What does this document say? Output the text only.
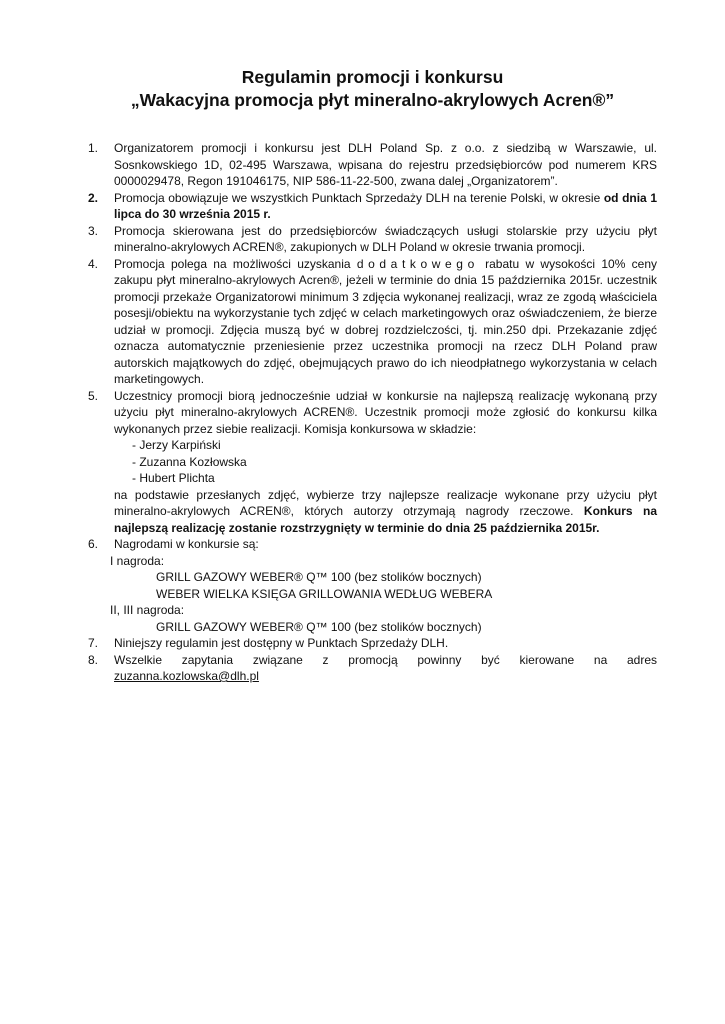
Regulamin promocji i konkursu
„Wakacyjna promocja płyt mineralno-akrylowych Acren®”
1. Organizatorem promocji i konkursu jest DLH Poland Sp. z o.o. z siedzibą w Warszawie, ul. Sosnkowskiego 1D, 02-495 Warszawa, wpisana do rejestru przedsiębiorców pod numerem KRS 0000029478, Regon 191046175, NIP 586-11-22-500, zwana dalej „Organizatorem”.
2. Promocja obowiązuje we wszystkich Punktach Sprzedaży DLH na terenie Polski, w okresie od dnia 1 lipca do 30 września 2015 r.
3. Promocja skierowana jest do przedsiębiorców świadczących usługi stolarskie przy użyciu płyt mineralno-akrylowych ACREN®, zakupionych w DLH Poland w okresie trwania promocji.
4. Promocja polega na możliwości uzyskania dodatkowego rabatu w wysokości 10% ceny zakupu płyt mineralno-akrylowych Acren®, jeżeli w terminie do dnia 15 października 2015r. uczestnik promocji przekaże Organizatorowi minimum 3 zdjęcia wykonanej realizacji, wraz ze zgodą właściciela posesji/obiektu na wykorzystanie tych zdjęć w celach marketingowych oraz oświadczeniem, że bierze udział w promocji. Zdjęcia muszą być w dobrej rozdzielczości, tj. min.250 dpi. Przekazanie zdjęć oznacza automatycznie przeniesienie przez uczestnika promocji na rzecz DLH Poland praw autorskich majątkowych do zdjęć, obejmujących prawo do ich nieodpłatnego wykorzystania w celach marketingowych.
5. Uczestnicy promocji biorą jednocześnie udział w konkursie na najlepszą realizację wykonaną przy użyciu płyt mineralno-akrylowych ACREN®. Uczestnik promocji może zgłosić do konkursu kilka wykonanych przez siebie realizacji. Komisja konkursowa w składzie:
- Jerzy Karpiński
- Zuzanna Kozłowska
- Hubert Plichta
na podstawie przesłanych zdjęć, wybierze trzy najlepsze realizacje wykonane przy użyciu płyt mineralno-akrylowych ACREN®, których autorzy otrzymają nagrody rzeczowe. Konkurs na najlepszą realizację zostanie rozstrzygnięty w terminie do dnia 25 października 2015r.
6. Nagrodami w konkursie są:
I nagroda:
GRILL GAZOWY WEBER® Q™ 100 (bez stolików bocznych)
WEBER WIELKA KSIĘGA GRILLOWANIA WEDŁUG WEBERA
II, III nagroda:
GRILL GAZOWY WEBER® Q™ 100 (bez stolików bocznych)
7. Niniejszy regulamin jest dostępny w Punktach Sprzedaży DLH.
8. Wszelkie zapytania związane z promocją powinny być kierowane na adres
zuzanna.kozlowska@dlh.pl
